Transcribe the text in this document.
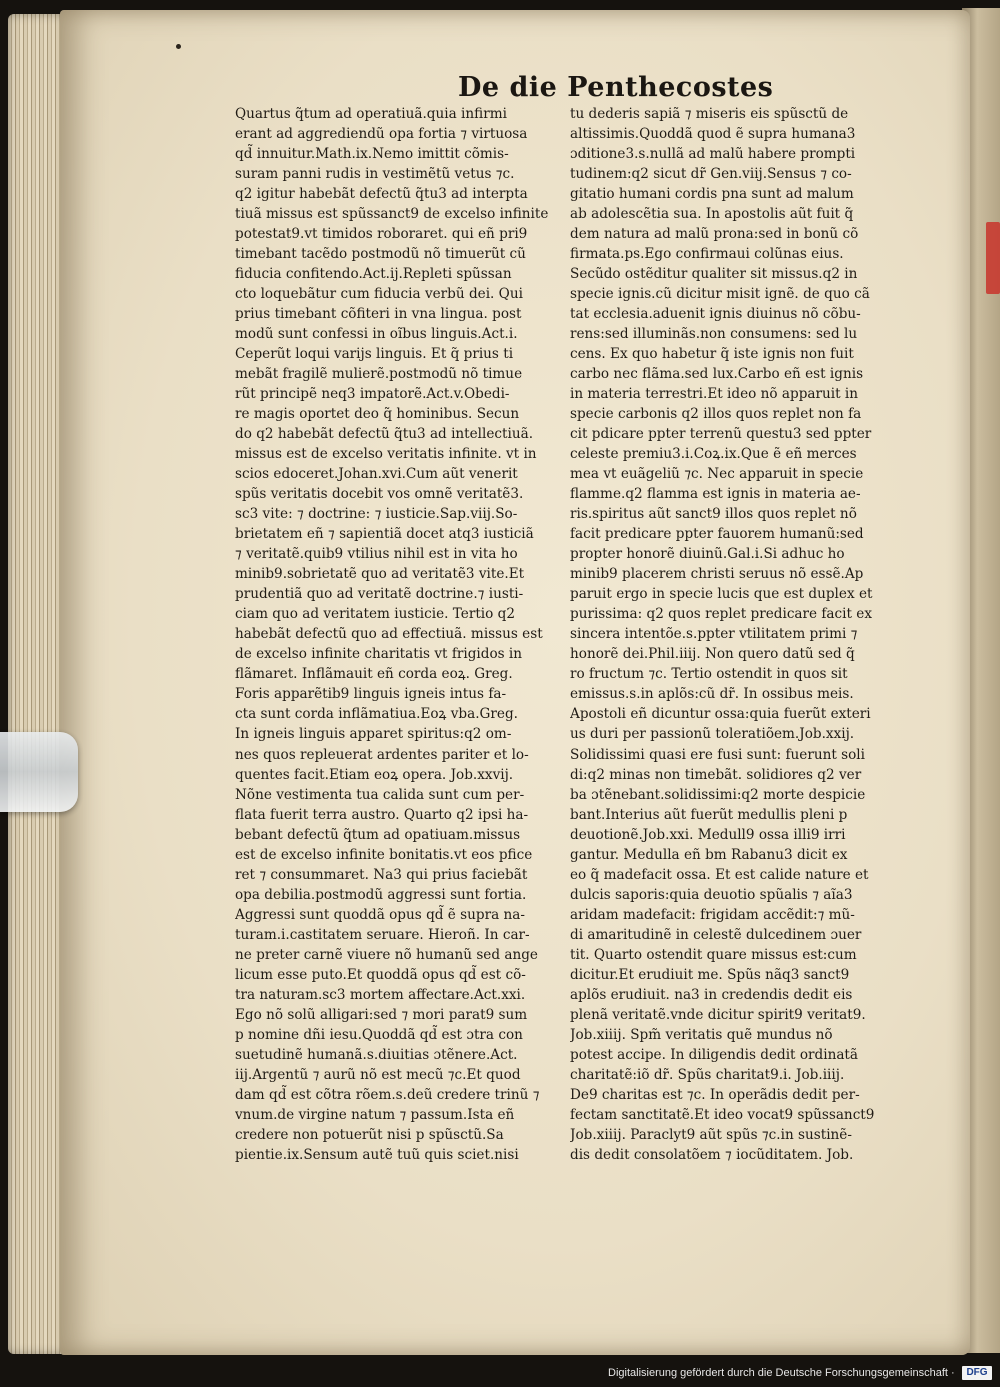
De die Penthecostes
Quartus q̃tum ad operatiuã.quia infirmi
erant ad aggrediendũ opa fortia ⁊ virtuosa
qd̃ innuitur.Math.ix.Nemo imittit cõmis-
suram panni rudis in vestimẽtũ vetus ⁊c.
q2 igitur habebãt defectũ q̃tu3 ad interpta
tiuã missus est spũssanct9 de excelso infinite
potestat9.vt timidos roboraret. qui eñ pri9
timebant tacẽdo postmodũ nõ timuerũt cũ
fiducia confitendo.Act.ij.Repleti spũssan
cto loquebãtur cum fiducia verbũ dei. Qui
prius timebant cõfiteri in vna lingua. post
modũ sunt confessi in oĩbus linguis.Act.i.
Ceperũt loqui varijs linguis. Et q̃ prius ti
mebãt fragilẽ mulierẽ.postmodũ nõ timue
rũt principẽ neq3 impatorẽ.Act.v.Obedi-
re magis oportet deo q̃ hominibus. Secun
do q2 habebãt defectũ q̃tu3 ad intellectiuã.
missus est de excelso veritatis infinite. vt in
scios edoceret.Johan.xvi.Cum aũt venerit
spũs veritatis docebit vos omnẽ veritatẽ3.
sc3 vite: ⁊ doctrine: ⁊ iusticie.Sap.viij.So-
brietatem eñ ⁊ sapientiã docet atq3 iusticiã
⁊ veritatẽ.quib9 vtilius nihil est in vita ho
minib9.sobrietatẽ quo ad veritatẽ3 vite.Et
prudentiã quo ad veritatẽ doctrine.⁊ iusti-
ciam quo ad veritatem iusticie. Tertio q2
habebãt defectũ quo ad effectiuã. missus est
de excelso infinite charitatis vt frigidos in
flãmaret. Inflãmauit eñ corda eoꝝ. Greg.
Foris apparẽtib9 linguis igneis intus fa-
cta sunt corda inflãmatiua.Eoꝝ vba.Greg.
In igneis linguis apparet spiritus:q2 om-
nes quos repleuerat ardentes pariter et lo-
quentes facit.Etiam eoꝝ opera. Job.xxvij.
Nõne vestimenta tua calida sunt cum per-
flata fuerit terra austro. Quarto q2 ipsi ha-
bebant defectũ q̃tum ad opatiuam.missus
est de excelso infinite bonitatis.vt eos pfice
ret ⁊ consummaret. Na3 qui prius faciebãt
opa debilia.postmodũ aggressi sunt fortia.
Aggressi sunt quoddã opus qd̃ ẽ supra na-
turam.i.castitatem seruare. Hieroñ. In car-
ne preter carnẽ viuere nõ humanũ sed ange
licum esse puto.Et quoddã opus qd̃ est cõ-
tra naturam.sc3 mortem affectare.Act.xxi.
Ego nõ solũ alligari:sed ⁊ mori parat9 sum
p nomine dñi iesu.Quoddã qd̃ est ɔtra con
suetudinẽ humanã.s.diuitias ɔtẽnere.Act.
iij.Argentũ ⁊ aurũ nõ est mecũ ⁊c.Et quod
dam qd̃ est cõtra rõem.s.deũ credere trinũ ⁊
vnum.de virgine natum ⁊ passum.Ista eñ
credere non potuerũt nisi p spũsctũ.Sa
pientie.ix.Sensum autẽ tuũ quis sciet.nisi
tu dederis sapiã ⁊ miseris eis spũsctũ de
altissimis.Quoddã quod ẽ supra humana3
ɔditione3.s.nullã ad malũ habere prompti
tudinem:q2 sicut dr̃ Gen.viij.Sensus ⁊ co-
gitatio humani cordis pna sunt ad malum
ab adolescẽtia sua. In apostolis aũt fuit q̃
dem natura ad malũ prona:sed in bonũ cõ
firmata.ps.Ego confirmaui colũnas eius.
Secũdo ostẽditur qualiter sit missus.q2 in
specie ignis.cũ dicitur misit ignẽ. de quo cã
tat ecclesia.aduenit ignis diuinus nõ cõbu-
rens:sed illuminãs.non consumens: sed lu
cens. Ex quo habetur q̃ iste ignis non fuit
carbo nec flãma.sed lux.Carbo eñ est ignis
in materia terrestri.Et ideo nõ apparuit in
specie carbonis q2 illos quos replet non fa
cit pdicare ppter terrenũ questu3 sed ppter
celeste premiu3.i.Coꝝ.ix.Que ẽ eñ merces
mea vt euãgeliũ ⁊c. Nec apparuit in specie
flamme.q2 flamma est ignis in materia ae-
ris.spiritus aũt sanct9 illos quos replet nõ
facit predicare ppter fauorem humanũ:sed
propter honorẽ diuinũ.Gal.i.Si adhuc ho
minib9 placerem christi seruus nõ essẽ.Ap
paruit ergo in specie lucis que est duplex et
purissima: q2 quos replet predicare facit ex
sincera intentõe.s.ppter vtilitatem primi ⁊
honorẽ dei.Phil.iiij. Non quero datũ sed q̃
ro fructum ⁊c. Tertio ostendit in quos sit
emissus.s.in aplõs:cũ dr̃. In ossibus meis.
Apostoli eñ dicuntur ossa:quia fuerũt exteri
us duri per passionũ toleratiõem.Job.xxij.
Solidissimi quasi ere fusi sunt: fuerunt soli
di:q2 minas non timebãt. solidiores q2 ver
ba ɔtẽnebant.solidissimi:q2 morte despicie
bant.Interius aũt fuerũt medullis pleni p
deuotionẽ.Job.xxi. Medull9 ossa illi9 irri
gantur. Medulla eñ bm Rabanu3 dicit ex
eo q̃ madefacit ossa. Et est calide nature et
dulcis saporis:quia deuotio spũalis ⁊ aĩa3
aridam madefacit: frigidam accẽdit:⁊ mũ-
di amaritudinẽ in celestẽ dulcedinem ɔuer
tit. Quarto ostendit quare missus est:cum
dicitur.Et erudiuit me. Spũs nãq3 sanct9
aplõs erudiuit. na3 in credendis dedit eis
plenã veritatẽ.vnde dicitur spirit9 veritat9.
Job.xiiij. Spm̃ veritatis quẽ mundus nõ
potest accipe. In diligendis dedit ordinatã
charitatẽ:iõ dr̃. Spũs charitat9.i. Job.iiij.
De9 charitas est ⁊c. In operãdis dedit per-
fectam sanctitatẽ.Et ideo vocat9 spũssanct9
Job.xiiij. Paraclyt9 aũt spũs ⁊c.in sustinẽ-
dis dedit consolatõem ⁊ iocũditatem. Job.
Digitalisierung gefördert durch die Deutsche Forschungsgemeinschaft ·	DFG
